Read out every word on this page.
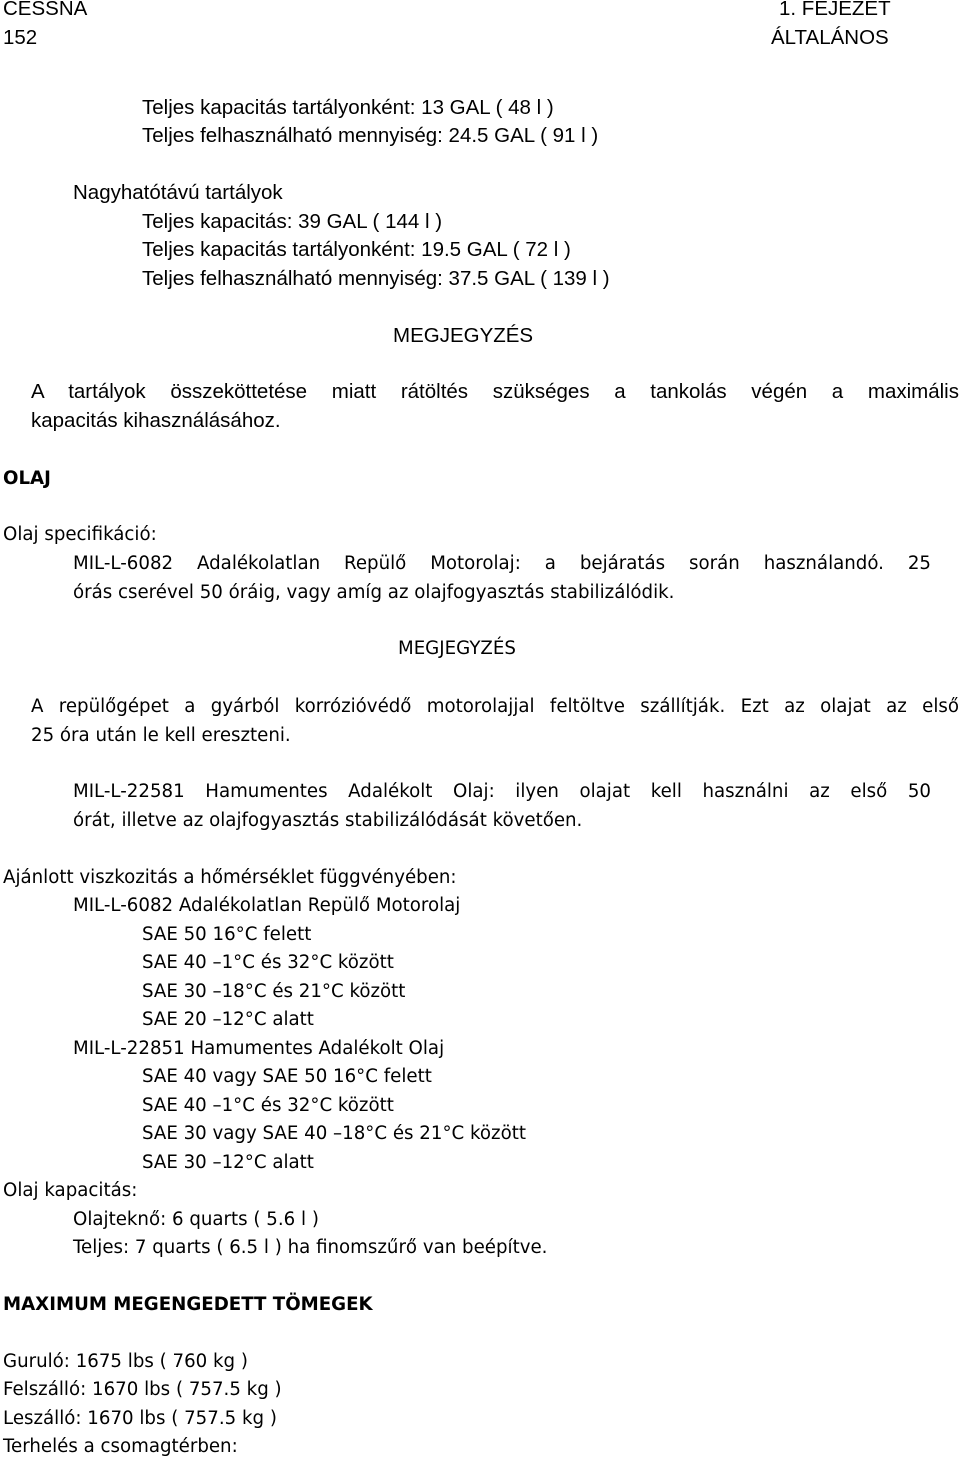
CESSNA
152
1. FEJEZET
ÁLTALÁNOS
Teljes kapacitás tartályonként: 13 GAL ( 48 l )
Teljes felhasználható mennyiség: 24.5 GAL ( 91 l )
Nagyhatótávú tartályok
Teljes kapacitás: 39 GAL ( 144 l )
Teljes kapacitás tartályonként: 19.5 GAL ( 72 l )
Teljes felhasználható mennyiség: 37.5 GAL ( 139 l )
MEGJEGYZÉS
A tartályok összeköttetése miatt rátöltés szükséges a tankolás végén a maximális
kapacitás kihasználásához.
OLAJ
Olaj specifikáció:
MIL-L-6082 Adalékolatlan Repülő Motorolaj: a bejáratás során használandó. 25
órás cserével 50 óráig, vagy amíg az olajfogyasztás stabilizálódik.
MEGJEGYZÉS
A repülőgépet a gyárból korrózióvédő motorolajjal feltöltve szállítják. Ezt az olajat az első
25 óra után le kell ereszteni.
MIL-L-22581 Hamumentes Adalékolt Olaj: ilyen olajat kell használni az első 50
órát, illetve az olajfogyasztás stabilizálódását követően.
Ajánlott viszkozitás a hőmérséklet függvényében:
MIL-L-6082 Adalékolatlan Repülő Motorolaj
SAE 50 16°C felett
SAE 40 –1°C és 32°C között
SAE 30 –18°C és 21°C között
SAE 20 –12°C alatt
MIL-L-22851 Hamumentes Adalékolt Olaj
SAE 40 vagy SAE 50 16°C felett
SAE 40 –1°C és 32°C között
SAE 30 vagy SAE 40 –18°C és 21°C között
SAE 30 –12°C alatt
Olaj kapacitás:
Olajteknő: 6 quarts ( 5.6 l )
Teljes: 7 quarts ( 6.5 l ) ha finomszűrő van beépítve.
MAXIMUM MEGENGEDETT TÖMEGEK
Guruló: 1675 lbs ( 760 kg )
Felszálló: 1670 lbs ( 757.5 kg )
Leszálló: 1670 lbs ( 757.5 kg )
Terhelés a csomagtérben:
